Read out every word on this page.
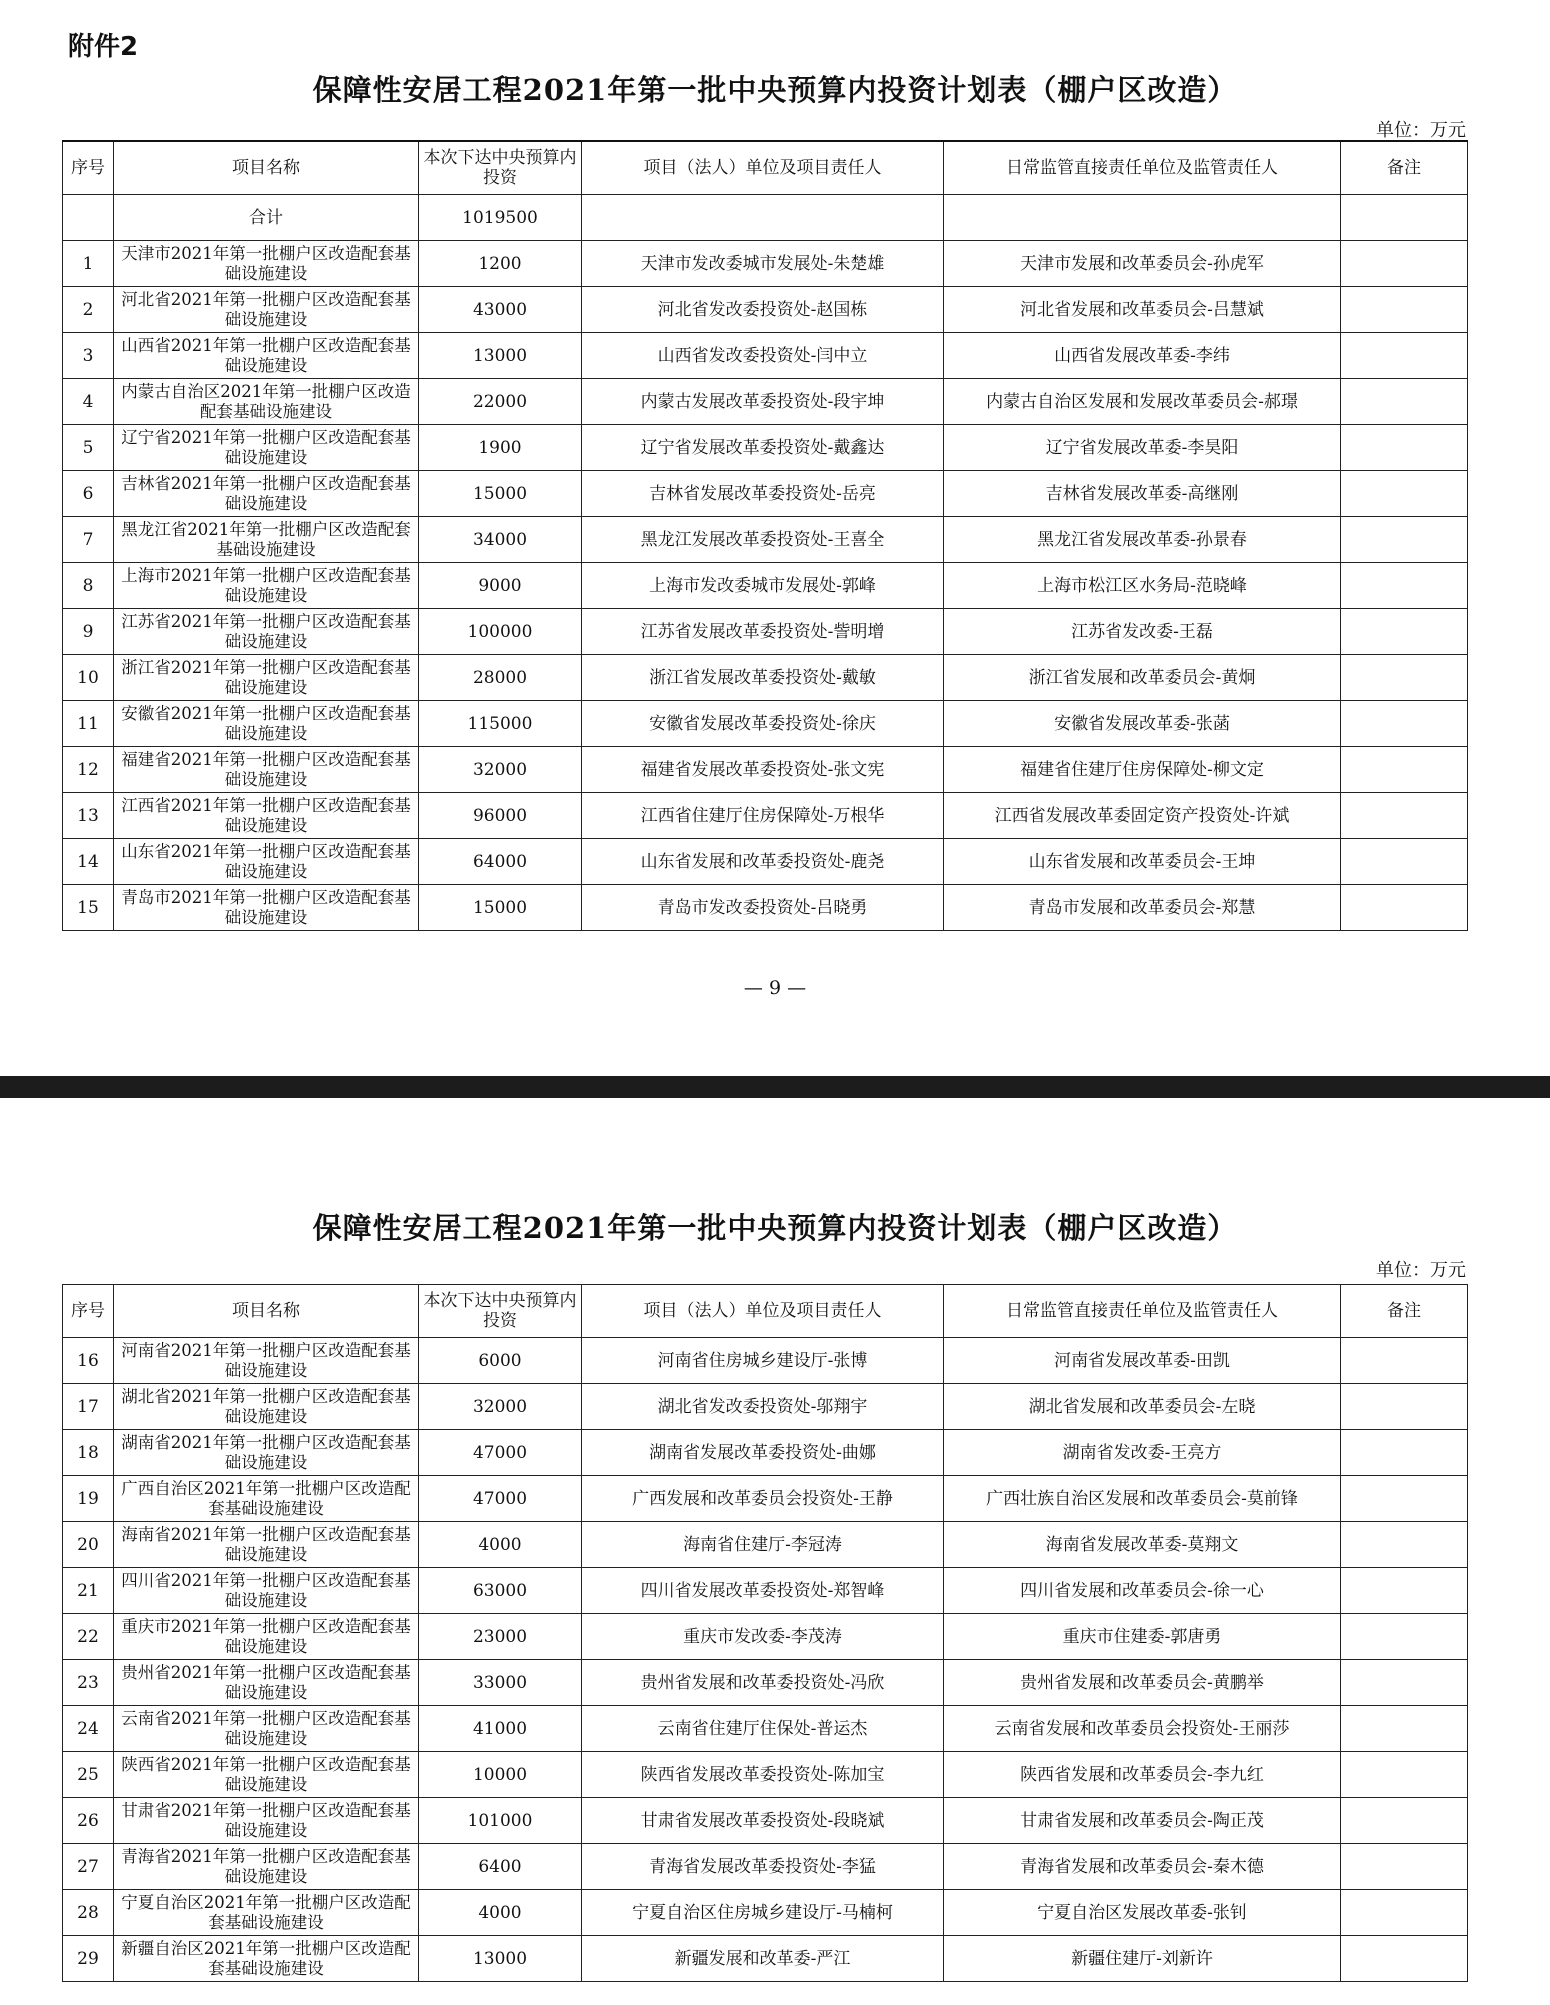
附件2
保障性安居工程2021年第一批中央预算内投资计划表（棚户区改造）
单位：万元
序号	项目名称	本次下达中央预算内投资	项目（法人）单位及项目责任人	日常监管直接责任单位及监管责任人	备注
	合计	1019500			
1	天津市2021年第一批棚户区改造配套基础设施建设	1200	天津市发改委城市发展处-朱楚雄	天津市发展和改革委员会-孙虎军	
2	河北省2021年第一批棚户区改造配套基础设施建设	43000	河北省发改委投资处-赵国栋	河北省发展和改革委员会-吕慧斌	
3	山西省2021年第一批棚户区改造配套基础设施建设	13000	山西省发改委投资处-闫中立	山西省发展改革委-李纬	
4	内蒙古自治区2021年第一批棚户区改造配套基础设施建设	22000	内蒙古发展改革委投资处-段宇坤	内蒙古自治区发展和发展改革委员会-郝璟	
5	辽宁省2021年第一批棚户区改造配套基础设施建设	1900	辽宁省发展改革委投资处-戴鑫达	辽宁省发展改革委-李昊阳	
6	吉林省2021年第一批棚户区改造配套基础设施建设	15000	吉林省发展改革委投资处-岳亮	吉林省发展改革委-高继刚	
7	黑龙江省2021年第一批棚户区改造配套基础设施建设	34000	黑龙江发展改革委投资处-王喜全	黑龙江省发展改革委-孙景春	
8	上海市2021年第一批棚户区改造配套基础设施建设	9000	上海市发改委城市发展处-郭峰	上海市松江区水务局-范晓峰	
9	江苏省2021年第一批棚户区改造配套基础设施建设	100000	江苏省发展改革委投资处-訾明增	江苏省发改委-王磊	
10	浙江省2021年第一批棚户区改造配套基础设施建设	28000	浙江省发展改革委投资处-戴敏	浙江省发展和改革委员会-黄炯	
11	安徽省2021年第一批棚户区改造配套基础设施建设	115000	安徽省发展改革委投资处-徐庆	安徽省发展改革委-张菡	
12	福建省2021年第一批棚户区改造配套基础设施建设	32000	福建省发展改革委投资处-张文宪	福建省住建厅住房保障处-柳文定	
13	江西省2021年第一批棚户区改造配套基础设施建设	96000	江西省住建厅住房保障处-万根华	江西省发展改革委固定资产投资处-许斌	
14	山东省2021年第一批棚户区改造配套基础设施建设	64000	山东省发展和改革委投资处-鹿尧	山东省发展和改革委员会-王坤	
15	青岛市2021年第一批棚户区改造配套基础设施建设	15000	青岛市发改委投资处-吕晓勇	青岛市发展和改革委员会-郑慧	
— 9 —
保障性安居工程2021年第一批中央预算内投资计划表（棚户区改造）
单位：万元
序号	项目名称	本次下达中央预算内投资	项目（法人）单位及项目责任人	日常监管直接责任单位及监管责任人	备注
16	河南省2021年第一批棚户区改造配套基础设施建设	6000	河南省住房城乡建设厅-张博	河南省发展改革委-田凯	
17	湖北省2021年第一批棚户区改造配套基础设施建设	32000	湖北省发改委投资处-邬翔宇	湖北省发展和改革委员会-左晓	
18	湖南省2021年第一批棚户区改造配套基础设施建设	47000	湖南省发展改革委投资处-曲娜	湖南省发改委-王亮方	
19	广西自治区2021年第一批棚户区改造配套基础设施建设	47000	广西发展和改革委员会投资处-王静	广西壮族自治区发展和改革委员会-莫前锋	
20	海南省2021年第一批棚户区改造配套基础设施建设	4000	海南省住建厅-李冠涛	海南省发展改革委-莫翔文	
21	四川省2021年第一批棚户区改造配套基础设施建设	63000	四川省发展改革委投资处-郑智峰	四川省发展和改革委员会-徐一心	
22	重庆市2021年第一批棚户区改造配套基础设施建设	23000	重庆市发改委-李茂涛	重庆市住建委-郭唐勇	
23	贵州省2021年第一批棚户区改造配套基础设施建设	33000	贵州省发展和改革委投资处-冯欣	贵州省发展和改革委员会-黄鹏举	
24	云南省2021年第一批棚户区改造配套基础设施建设	41000	云南省住建厅住保处-普运杰	云南省发展和改革委员会投资处-王丽莎	
25	陕西省2021年第一批棚户区改造配套基础设施建设	10000	陕西省发展改革委投资处-陈加宝	陕西省发展和改革委员会-李九红	
26	甘肃省2021年第一批棚户区改造配套基础设施建设	101000	甘肃省发展改革委投资处-段晓斌	甘肃省发展和改革委员会-陶正茂	
27	青海省2021年第一批棚户区改造配套基础设施建设	6400	青海省发展改革委投资处-李猛	青海省发展和改革委员会-秦木德	
28	宁夏自治区2021年第一批棚户区改造配套基础设施建设	4000	宁夏自治区住房城乡建设厅-马楠柯	宁夏自治区发展改革委-张钊	
29	新疆自治区2021年第一批棚户区改造配套基础设施建设	13000	新疆发展和改革委-严江	新疆住建厅-刘新许	
